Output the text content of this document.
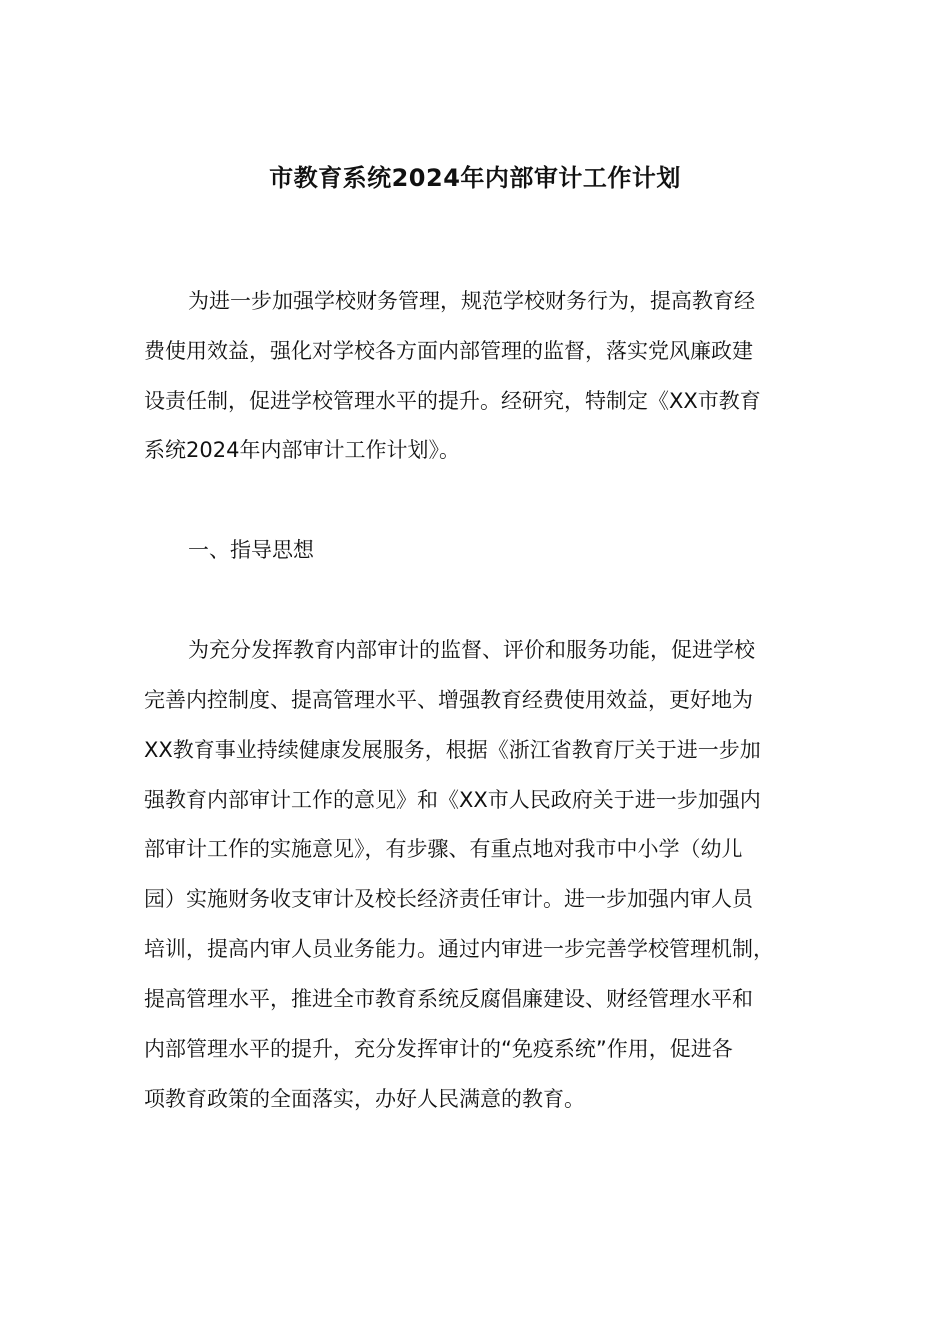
市教育系统2024年内部审计工作计划
为进一步加强学校财务管理，规范学校财务行为，提高教育经
费使用效益，强化对学校各方面内部管理的监督，落实党风廉政建
设责任制，促进学校管理水平的提升。经研究，特制定《XX市教育
系统2024年内部审计工作计划》。
一、指导思想
为充分发挥教育内部审计的监督、评价和服务功能，促进学校
完善内控制度、提高管理水平、增强教育经费使用效益，更好地为
XX教育事业持续健康发展服务，根据《浙江省教育厅关于进一步加
强教育内部审计工作的意见》和《XX市人民政府关于进一步加强内
部审计工作的实施意见》，有步骤、有重点地对我市中小学（幼儿
园）实施财务收支审计及校长经济责任审计。进一步加强内审人员
培训，提高内审人员业务能力。通过内审进一步完善学校管理机制，
提高管理水平，推进全市教育系统反腐倡廉建设、财经管理水平和
内部管理水平的提升，充分发挥审计的“免疫系统”作用，促进各
项教育政策的全面落实，办好人民满意的教育。
